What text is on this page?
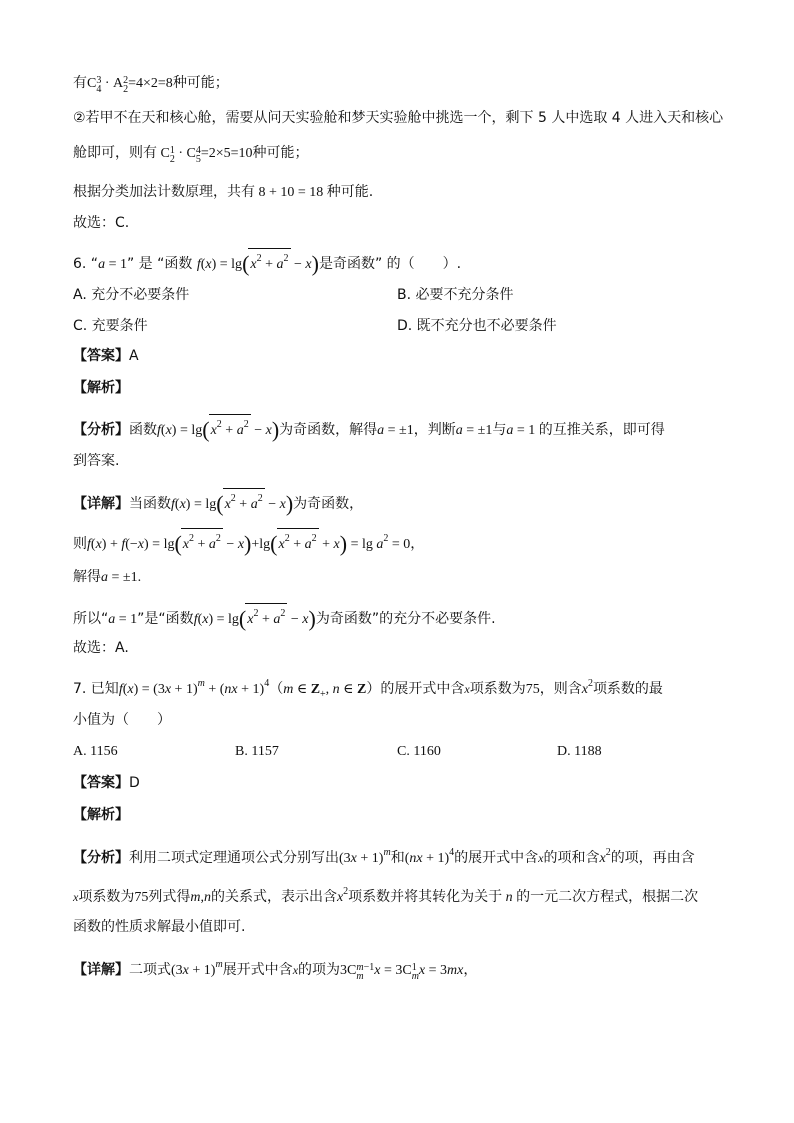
有C3
4 · A2
2=4×2=8种可能；
②若甲不在天和核心舱，需要从问天实验舱和梦天实验舱中挑选一个，剩下 5 人中选取 4 人进入天和核心
舱即可，则有 C1
2 · C4
5=2×5=10种可能；
根据分类加法计数原理，共有 8 + 10 = 18 种可能.
故选：C.
6. “a = 1” 是 “函数 $f(x) = \lg(x^2 + a^2 - x)$是奇函数” 的（　　）.
A. 充分不必要条件	B. 必要不充分条件
C. 充要条件	D. 既不充分也不必要条件
【答案】A
【解析】
【分析】函数$f(x) = \lg(x^2 + a^2 - x)$为奇函数，解得a = ±1，判断a = ±1与a = 1 的互推关系，即可得
到答案.
【详解】当函数$f(x) = \lg(x^2 + a^2 - x)$为奇函数，
则$f(x) + f(-x) = \lg(x^2 + a^2 - x)+\lg(x^2 + a^2 + x) = \lg a^2 = 0$，
解得a = ±1.
所以“a = 1”是“函数$f(x) = \lg(x^2 + a^2 - x)$为奇函数”的充分不必要条件.
故选：A.
7. 已知$f(x) = (3x + 1)^m + (nx + 1)^4(m$ ∈ $Z_+$, n ∈ Z）的展开式中含x项系数为75，则含$x^2$项系数的最
小值为（　　）
A. 1156	B. 1157	C. 1160	D. 1188
【答案】D
【解析】
【分析】利用二项式定理通项公式分别写出$(3x + 1)^m$和(nx + 1)$^4$的展开式中含x的项和含$x^2$的项，再由含
x项系数为75列式得m,n的关系式，表示出含$x^2$项系数并将其转化为关于 n 的一元二次方程式，根据二次
函数的性质求解最小值即可.
【详解】二项式$(3x + 1)^m$展开式中含x的项为3Cm−1
m x = 3C1
mx = 3mx，
